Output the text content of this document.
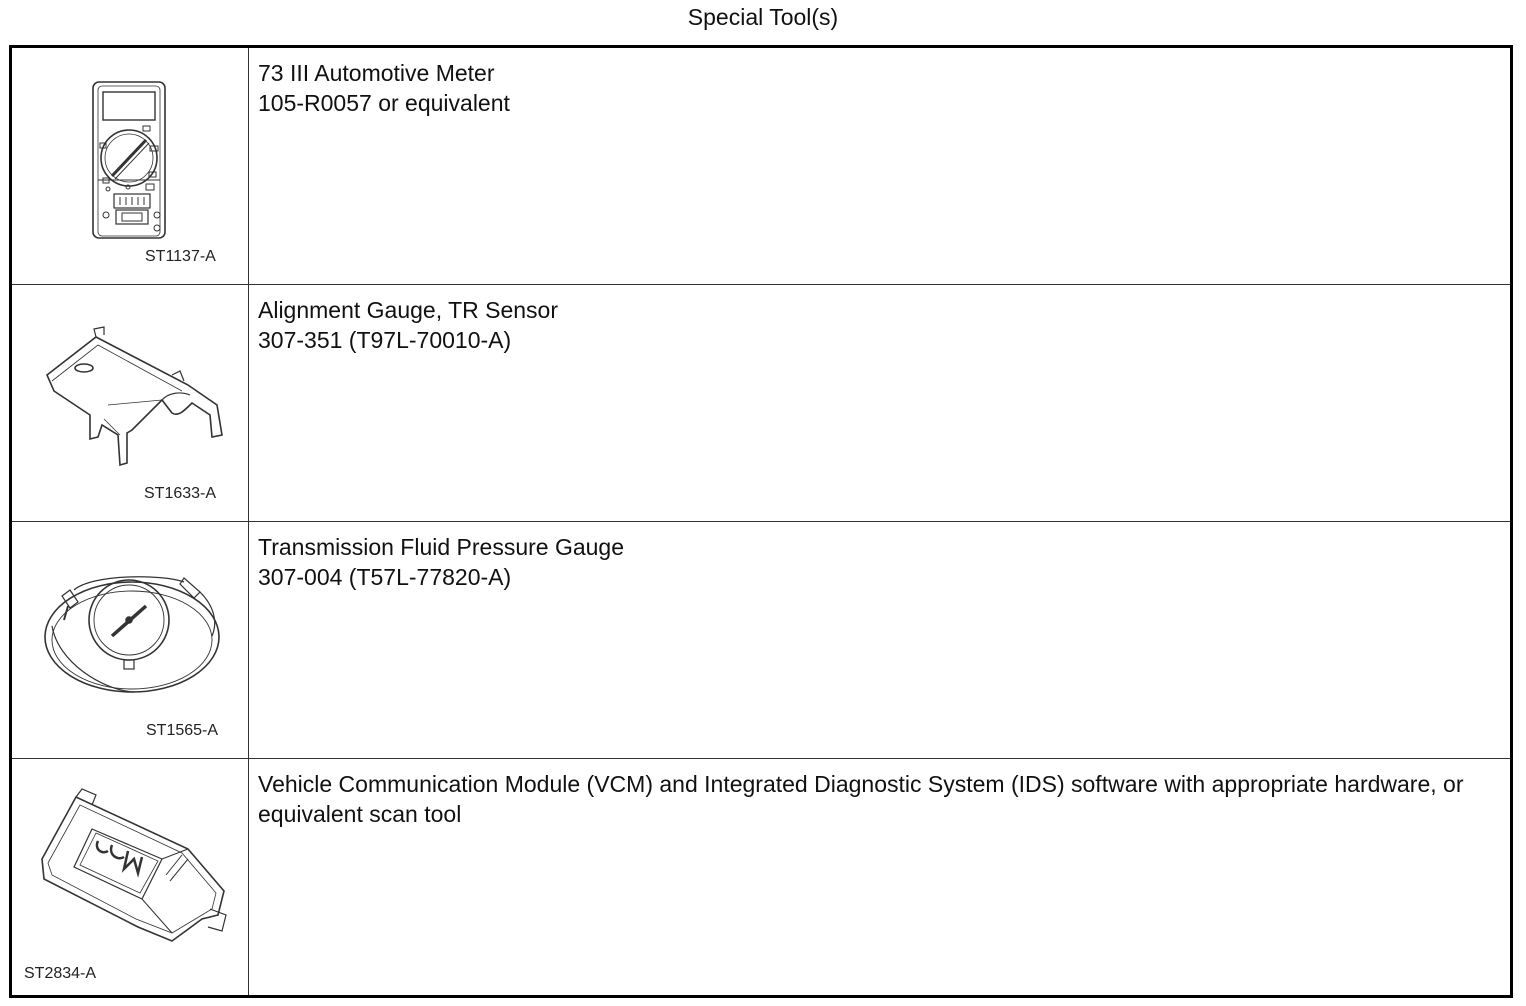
Special Tool(s)
ST1137-A
73 III Automotive Meter
105-R0057 or equivalent
ST1633-A
Alignment Gauge, TR Sensor
307-351 (T97L-70010-A)
ST1565-A
Transmission Fluid Pressure Gauge
307-004 (T57L-77820-A)
ST2834-A
Vehicle Communication Module (VCM) and Integrated Diagnostic System (IDS) software with appropriate hardware, or equivalent scan tool
